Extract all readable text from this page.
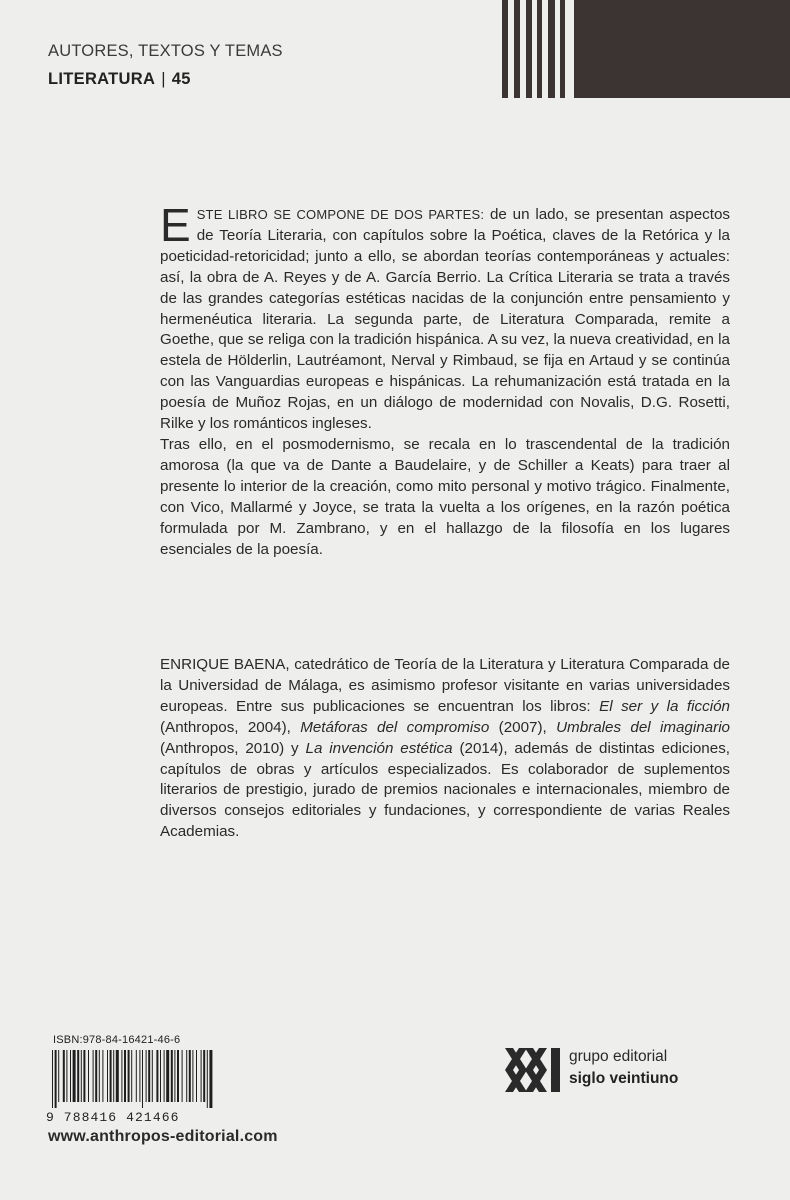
AUTORES, TEXTOS Y TEMAS
LITERATURA | 45

ESTE LIBRO SE COMPONE DE DOS PARTES: de un lado, se presentan aspectos de Teoría Literaria, con capítulos sobre la Poética, claves de la Retórica y la poeticidad-retoricidad; junto a ello, se abordan teorías contemporáneas y actuales: así, la obra de A. Reyes y de A. García Berrio. La Crítica Literaria se trata a través de las grandes categorías estéticas nacidas de la conjunción entre pensamiento y hermenéutica literaria. La segunda parte, de Literatura Comparada, remite a Goethe, que se religa con la tradición hispánica. A su vez, la nueva creatividad, en la estela de Hölderlin, Lautréamont, Nerval y Rimbaud, se fija en Artaud y se continúa con las Vanguardias europeas e hispánicas. La rehumanización está tratada en la poesía de Muñoz Rojas, en un diálogo de modernidad con Novalis, D.G. Rosetti, Rilke y los románticos ingleses.

Tras ello, en el posmodernismo, se recala en lo trascendental de la tradición amorosa (la que va de Dante a Baudelaire, y de Schiller a Keats) para traer al presente lo interior de la creación, como mito personal y motivo trágico. Finalmente, con Vico, Mallarmé y Joyce, se trata la vuelta a los orígenes, en la razón poética formulada por M. Zambrano, y en el hallazgo de la filosofía en los lugares esenciales de la poesía.

ENRIQUE BAENA, catedrático de Teoría de la Literatura y Literatura Comparada de la Universidad de Málaga, es asimismo profesor visitante en varias universidades europeas. Entre sus publicaciones se encuentran los libros: El ser y la ficción (Anthropos, 2004), Metáforas del compromiso (2007), Umbrales del imaginario (Anthropos, 2010) y La invención estética (2014), además de distintas ediciones, capítulos de obras y artículos especializados. Es colaborador de suplementos literarios de prestigio, jurado de premios nacionales e internacionales, miembro de diversos consejos editoriales y fundaciones, y correspondiente de varias Reales Academias.

ISBN:978-84-16421-46-6
9 788416 421466
grupo editorial
siglo veintiuno
www.anthropos-editorial.com
